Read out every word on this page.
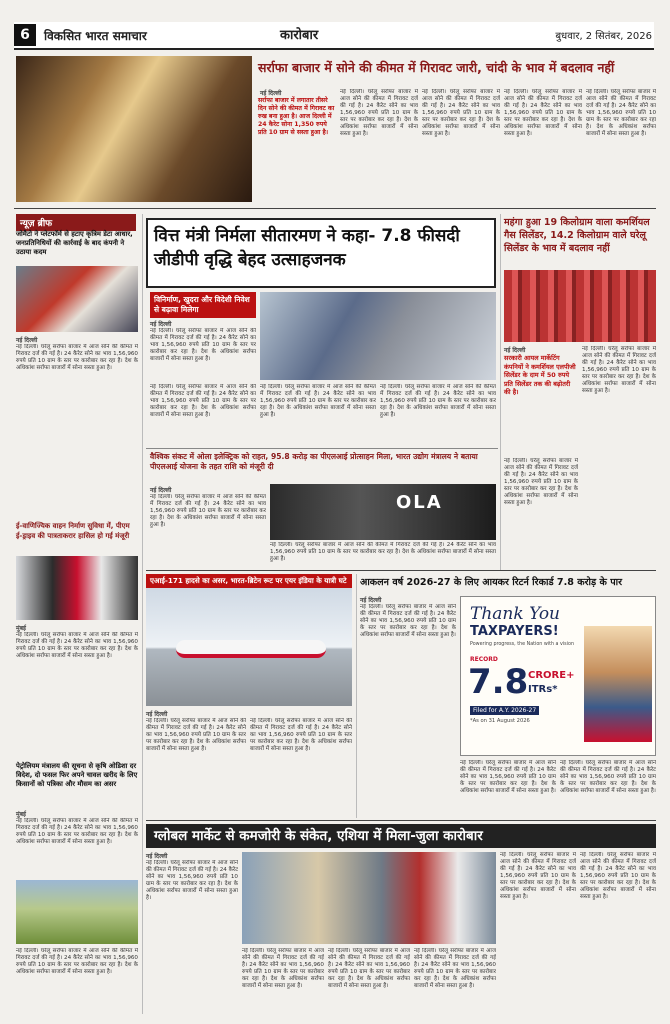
6	विकसित भारत समाचार	कारोबार	बुधवार, 2 सितंबर, 2026
सर्राफा बाजार में सोने की कीमत में गिरावट जारी, चांदी के भाव में बदलाव नहीं
नई दिल्ली
सर्राफा बाजार में लगातार तीसरे दिन सोने की कीमत में गिरावट का रुख बना हुआ है। आज दिल्ली में 24 कैरेट सोना 1,350 रुपये प्रति 10 ग्राम से सस्ता हुआ है।
नई दिल्ली। घरेलू सर्राफा बाजार में आज सोने की कीमत में गिरावट दर्ज की गई है। 24 कैरेट सोने का भाव 1,56,960 रुपये प्रति 10 ग्राम के स्तर पर कारोबार कर रहा है। देश के अधिकांश सर्राफा बाजारों में सोना सस्ता हुआ है।
नई दिल्ली। घरेलू सर्राफा बाजार में आज सोने की कीमत में गिरावट दर्ज की गई है। 24 कैरेट सोने का भाव 1,56,960 रुपये प्रति 10 ग्राम के स्तर पर कारोबार कर रहा है। देश के अधिकांश सर्राफा बाजारों में सोना सस्ता हुआ है।
नई दिल्ली। घरेलू सर्राफा बाजार में आज सोने की कीमत में गिरावट दर्ज की गई है। 24 कैरेट सोने का भाव 1,56,960 रुपये प्रति 10 ग्राम के स्तर पर कारोबार कर रहा है। देश के अधिकांश सर्राफा बाजारों में सोना सस्ता हुआ है।
नई दिल्ली। घरेलू सर्राफा बाजार में आज सोने की कीमत में गिरावट दर्ज की गई है। 24 कैरेट सोने का भाव 1,56,960 रुपये प्रति 10 ग्राम के स्तर पर कारोबार कर रहा है। देश के अधिकांश सर्राफा बाजारों में सोना सस्ता हुआ है।
न्यूज़ ब्रीफ
जोमैटो ने प्लेटफॉर्म से हटाए कृत्रिम डेटा आधार, जनप्रतिनिधियों की कार्रवाई के बाद कंपनी ने उठाया कदम
नई दिल्ली
नई दिल्ली। घरेलू सर्राफा बाजार में आज सोने की कीमत में गिरावट दर्ज की गई है। 24 कैरेट सोने का भाव 1,56,960 रुपये प्रति 10 ग्राम के स्तर पर कारोबार कर रहा है। देश के अधिकांश सर्राफा बाजारों में सोना सस्ता हुआ है।
ई-वाणिज्यिक वाहन निर्माण सुविधा में, पीएम ई-ड्राइव की पात्रताकरार हासिल हो गई मंजूरी
मुंबई
नई दिल्ली। घरेलू सर्राफा बाजार में आज सोने की कीमत में गिरावट दर्ज की गई है। 24 कैरेट सोने का भाव 1,56,960 रुपये प्रति 10 ग्राम के स्तर पर कारोबार कर रहा है। देश के अधिकांश सर्राफा बाजारों में सोना सस्ता हुआ है।
पेट्रोलियम मंत्रालय की सूचना से कृषि ओडिशा दर विदेश, दो फसल फिर अपने चावल खरीद के लिए किसानों को पत्रिका और मौसम का असर
मुंबई
नई दिल्ली। घरेलू सर्राफा बाजार में आज सोने की कीमत में गिरावट दर्ज की गई है। 24 कैरेट सोने का भाव 1,56,960 रुपये प्रति 10 ग्राम के स्तर पर कारोबार कर रहा है। देश के अधिकांश सर्राफा बाजारों में सोना सस्ता हुआ है।
नई दिल्ली। घरेलू सर्राफा बाजार में आज सोने की कीमत में गिरावट दर्ज की गई है। 24 कैरेट सोने का भाव 1,56,960 रुपये प्रति 10 ग्राम के स्तर पर कारोबार कर रहा है। देश के अधिकांश सर्राफा बाजारों में सोना सस्ता हुआ है।
वित्त मंत्री निर्मला सीतारमण ने कहा- 7.8 फीसदी जीडीपी वृद्धि बेहद उत्साहजनक
विनिर्माण, खुदरा और विदेशी निवेश से बढ़ावा मिलेगा
नई दिल्ली
नई दिल्ली। घरेलू सर्राफा बाजार में आज सोने की कीमत में गिरावट दर्ज की गई है। 24 कैरेट सोने का भाव 1,56,960 रुपये प्रति 10 ग्राम के स्तर पर कारोबार कर रहा है। देश के अधिकांश सर्राफा बाजारों में सोना सस्ता हुआ है।
नई दिल्ली। घरेलू सर्राफा बाजार में आज सोने की कीमत में गिरावट दर्ज की गई है। 24 कैरेट सोने का भाव 1,56,960 रुपये प्रति 10 ग्राम के स्तर पर कारोबार कर रहा है। देश के अधिकांश सर्राफा बाजारों में सोना सस्ता हुआ है।
नई दिल्ली। घरेलू सर्राफा बाजार में आज सोने की कीमत में गिरावट दर्ज की गई है। 24 कैरेट सोने का भाव 1,56,960 रुपये प्रति 10 ग्राम के स्तर पर कारोबार कर रहा है। देश के अधिकांश सर्राफा बाजारों में सोना सस्ता हुआ है।
नई दिल्ली। घरेलू सर्राफा बाजार में आज सोने की कीमत में गिरावट दर्ज की गई है। 24 कैरेट सोने का भाव 1,56,960 रुपये प्रति 10 ग्राम के स्तर पर कारोबार कर रहा है। देश के अधिकांश सर्राफा बाजारों में सोना सस्ता हुआ है।
वैश्विक संकट में ओला इलेक्ट्रिक को राहत, 95.8 करोड़ का पीएलआई प्रोत्साहन मिला, भारत उद्योग मंत्रालय ने बताया पीएलआई योजना के तहत राशि को मंजूरी दी
नई दिल्ली
नई दिल्ली। घरेलू सर्राफा बाजार में आज सोने की कीमत में गिरावट दर्ज की गई है। 24 कैरेट सोने का भाव 1,56,960 रुपये प्रति 10 ग्राम के स्तर पर कारोबार कर रहा है। देश के अधिकांश सर्राफा बाजारों में सोना सस्ता हुआ है।
OLA
नई दिल्ली। घरेलू सर्राफा बाजार में आज सोने की कीमत में गिरावट दर्ज की गई है। 24 कैरेट सोने का भाव 1,56,960 रुपये प्रति 10 ग्राम के स्तर पर कारोबार कर रहा है। देश के अधिकांश सर्राफा बाजारों में सोना सस्ता हुआ है।
महंगा हुआ 19 किलोग्राम वाला कमर्शियल गैस सिलेंडर, 14.2 किलोग्राम वाले घरेलू सिलेंडर के भाव में बदलाव नहीं
नई दिल्ली
सरकारी आयल मार्केटिंग कंपनियों ने कमर्शियल एलपीजी सिलेंडर के दाम में 50 रुपये प्रति सिलेंडर तक की बढ़ोतरी की है।
नई दिल्ली। घरेलू सर्राफा बाजार में आज सोने की कीमत में गिरावट दर्ज की गई है। 24 कैरेट सोने का भाव 1,56,960 रुपये प्रति 10 ग्राम के स्तर पर कारोबार कर रहा है। देश के अधिकांश सर्राफा बाजारों में सोना सस्ता हुआ है।
नई दिल्ली। घरेलू सर्राफा बाजार में आज सोने की कीमत में गिरावट दर्ज की गई है। 24 कैरेट सोने का भाव 1,56,960 रुपये प्रति 10 ग्राम के स्तर पर कारोबार कर रहा है। देश के अधिकांश सर्राफा बाजारों में सोना सस्ता हुआ है।
एआई-171 हादसे का असर, भारत-ब्रिटेन रूट पर एयर इंडिया के यात्री घटे
नई दिल्ली
नई दिल्ली। घरेलू सर्राफा बाजार में आज सोने की कीमत में गिरावट दर्ज की गई है। 24 कैरेट सोने का भाव 1,56,960 रुपये प्रति 10 ग्राम के स्तर पर कारोबार कर रहा है। देश के अधिकांश सर्राफा बाजारों में सोना सस्ता हुआ है।
नई दिल्ली। घरेलू सर्राफा बाजार में आज सोने की कीमत में गिरावट दर्ज की गई है। 24 कैरेट सोने का भाव 1,56,960 रुपये प्रति 10 ग्राम के स्तर पर कारोबार कर रहा है। देश के अधिकांश सर्राफा बाजारों में सोना सस्ता हुआ है।
आकलन वर्ष 2026-27 के लिए आयकर रिटर्न रिकार्ड 7.8 करोड़ के पार
नई दिल्ली
नई दिल्ली। घरेलू सर्राफा बाजार में आज सोने की कीमत में गिरावट दर्ज की गई है। 24 कैरेट सोने का भाव 1,56,960 रुपये प्रति 10 ग्राम के स्तर पर कारोबार कर रहा है। देश के अधिकांश सर्राफा बाजारों में सोना सस्ता हुआ है।
Thank You
TAXPAYERS!
Powering progress, the Nation with a vision
RECORD
7.8 CRORE+
ITRs*
Filed for A.Y. 2026-27
*As on 31 August 2026
नई दिल्ली। घरेलू सर्राफा बाजार में आज सोने की कीमत में गिरावट दर्ज की गई है। 24 कैरेट सोने का भाव 1,56,960 रुपये प्रति 10 ग्राम के स्तर पर कारोबार कर रहा है। देश के अधिकांश सर्राफा बाजारों में सोना सस्ता हुआ है।
नई दिल्ली। घरेलू सर्राफा बाजार में आज सोने की कीमत में गिरावट दर्ज की गई है। 24 कैरेट सोने का भाव 1,56,960 रुपये प्रति 10 ग्राम के स्तर पर कारोबार कर रहा है। देश के अधिकांश सर्राफा बाजारों में सोना सस्ता हुआ है।
ग्लोबल मार्केट से कमजोरी के संकेत, एशिया में मिला-जुला कारोबार
नई दिल्ली
नई दिल्ली। घरेलू सर्राफा बाजार में आज सोने की कीमत में गिरावट दर्ज की गई है। 24 कैरेट सोने का भाव 1,56,960 रुपये प्रति 10 ग्राम के स्तर पर कारोबार कर रहा है। देश के अधिकांश सर्राफा बाजारों में सोना सस्ता हुआ है।
नई दिल्ली। घरेलू सर्राफा बाजार में आज सोने की कीमत में गिरावट दर्ज की गई है। 24 कैरेट सोने का भाव 1,56,960 रुपये प्रति 10 ग्राम के स्तर पर कारोबार कर रहा है। देश के अधिकांश सर्राफा बाजारों में सोना सस्ता हुआ है।
नई दिल्ली। घरेलू सर्राफा बाजार में आज सोने की कीमत में गिरावट दर्ज की गई है। 24 कैरेट सोने का भाव 1,56,960 रुपये प्रति 10 ग्राम के स्तर पर कारोबार कर रहा है। देश के अधिकांश सर्राफा बाजारों में सोना सस्ता हुआ है।
नई दिल्ली। घरेलू सर्राफा बाजार में आज सोने की कीमत में गिरावट दर्ज की गई है। 24 कैरेट सोने का भाव 1,56,960 रुपये प्रति 10 ग्राम के स्तर पर कारोबार कर रहा है। देश के अधिकांश सर्राफा बाजारों में सोना सस्ता हुआ है।
नई दिल्ली। घरेलू सर्राफा बाजार में आज सोने की कीमत में गिरावट दर्ज की गई है। 24 कैरेट सोने का भाव 1,56,960 रुपये प्रति 10 ग्राम के स्तर पर कारोबार कर रहा है। देश के अधिकांश सर्राफा बाजारों में सोना सस्ता हुआ है।
नई दिल्ली। घरेलू सर्राफा बाजार में आज सोने की कीमत में गिरावट दर्ज की गई है। 24 कैरेट सोने का भाव 1,56,960 रुपये प्रति 10 ग्राम के स्तर पर कारोबार कर रहा है। देश के अधिकांश सर्राफा बाजारों में सोना सस्ता हुआ है।
